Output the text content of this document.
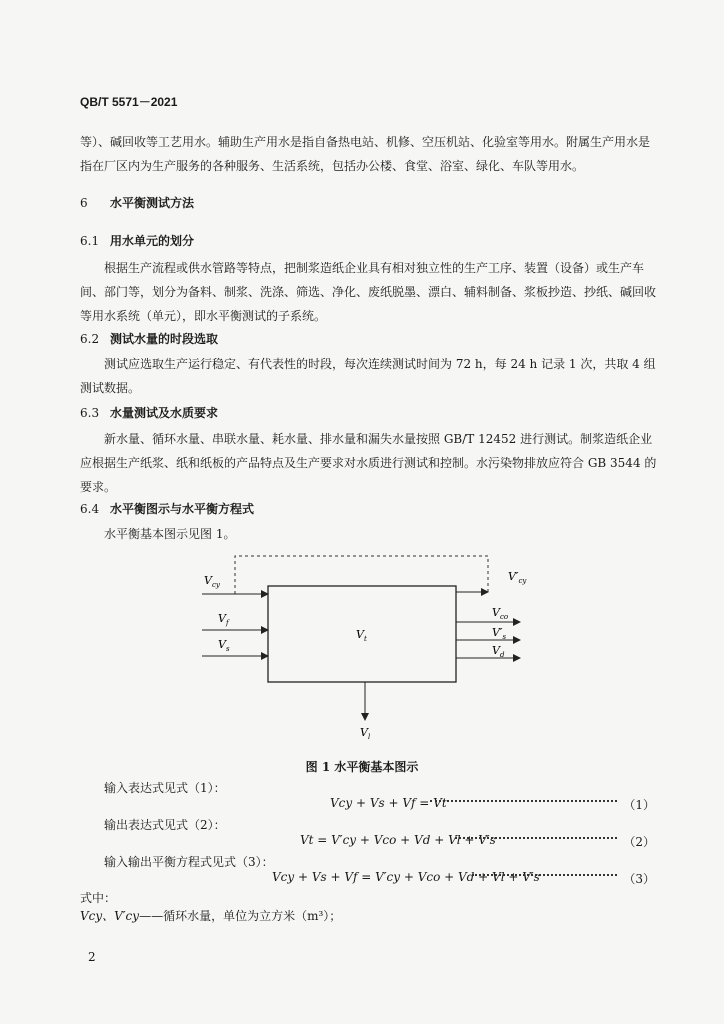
QB/T 5571－2021
等）、碱回收等工艺用水。辅助生产用水是指自备热电站、机修、空压机站、化验室等用水。附属生产用水是指在厂区内为生产服务的各种服务、生活系统，包括办公楼、食堂、浴室、绿化、车队等用水。
6 水平衡测试方法
6.1 用水单元的划分
根据生产流程或供水管路等特点，把制浆造纸企业具有相对独立性的生产工序、装置（设备）或生产车间、部门等，划分为备料、制浆、洗涤、筛选、净化、废纸脱墨、漂白、辅料制备、浆板抄造、抄纸、碱回收等用水系统（单元），即水平衡测试的子系统。
6.2 测试水量的时段选取
测试应选取生产运行稳定、有代表性的时段，每次连续测试时间为 72 h，每 24 h 记录 1 次，共取 4 组测试数据。
6.3 水量测试及水质要求
新水量、循环水量、串联水量、耗水量、排水量和漏失水量按照 GB/T 12452 进行测试。制浆造纸企业应根据生产纸浆、纸和纸板的产品特点及生产要求对水质进行测试和控制。水污染物排放应符合 GB 3544 的要求。
6.4 水平衡图示与水平衡方程式
水平衡基本图示见图 1。
$V_{cy}$
$V_f$
$V_s$
$V_t$
$V'_{cy}$
$V_{co}$
$V'_s$
$V_d$
$V_l$
图 1 水平衡基本图示
输入表达式见式（1）：
Vcy + Vs + Vf = Vt	（1）
输出表达式见式（2）：
Vt = V′cy + Vco + Vd + Vl + V′s	（2）
输入输出平衡方程式见式（3）：
Vcy + Vs + Vf = V′cy + Vco + Vd + Vl + V′s	（3）
式中：
Vcy、V′cy——循环水量，单位为立方米（m³）；
2
